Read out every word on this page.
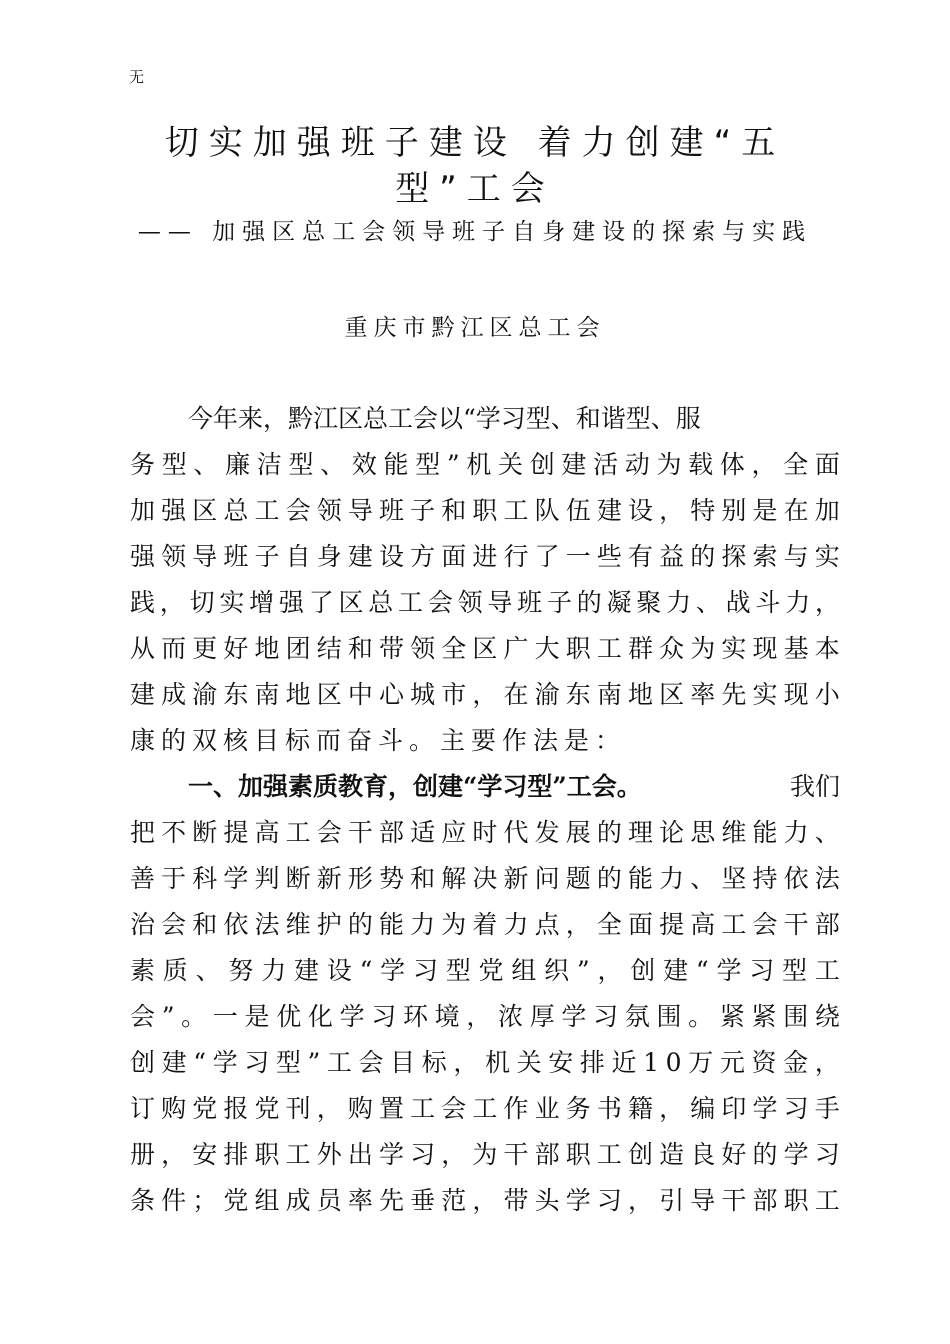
无
切实加强班子建设 着力创建“五
型”工会
—— 加强区总工会领导班子自身建设的探索与实践
重庆市黔江区总工会
今年来，黔江区总工会以“学习型、和谐型、服
务 型 、 廉 洁 型 、 效 能 型 ” 机 关 创 建 活 动 为 载 体 ， 全 面
加 强 区 总 工 会 领 导 班 子 和 职 工 队 伍 建 设 ， 特 别 是 在 加
强 领 导 班 子 自 身 建 设 方 面 进 行 了 一 些 有 益 的 探 索 与 实
践 ， 切 实 增 强 了 区 总 工 会 领 导 班 子 的 凝 聚 力 、 战 斗 力 ，
从 而 更 好 地 团 结 和 带 领 全 区 广 大 职 工 群 众 为 实 现 基 本
建 成 渝 东 南 地 区 中 心 城 市 ， 在 渝 东 南 地 区 率 先 实 现 小
康的双核目标而奋斗。主要作法是：
一、加强素质教育，创建“学习型”工会。	我们
把 不 断 提 高 工 会 干 部 适 应 时 代 发 展 的 理 论 思 维 能 力 、
善 于 科 学 判 断 新 形 势 和 解 决 新 问 题 的 能 力 、 坚 持 依 法
治 会 和 依 法 维 护 的 能 力 为 着 力 点 ， 全 面 提 高 工 会 干 部
素 质 、 努 力 建 设 “ 学 习 型 党 组 织 ” ， 创 建 “ 学 习 型 工
会 ” 。 一 是 优 化 学 习 环 境 ， 浓 厚 学 习 氛 围 。 紧 紧 围 绕
创 建 “ 学 习 型 ” 工 会 目 标 ， 机 关 安 排 近 1 0 万 元 资 金 ，
订 购 党 报 党 刊 ， 购 置 工 会 工 作 业 务 书 籍 ， 编 印 学 习 手
册 ， 安 排 职 工 外 出 学 习 ， 为 干 部 职 工 创 造 良 好 的 学 习
条 件 ； 党 组 成 员 率 先 垂 范 ， 带 头 学 习 ， 引 导 干 部 职 工
